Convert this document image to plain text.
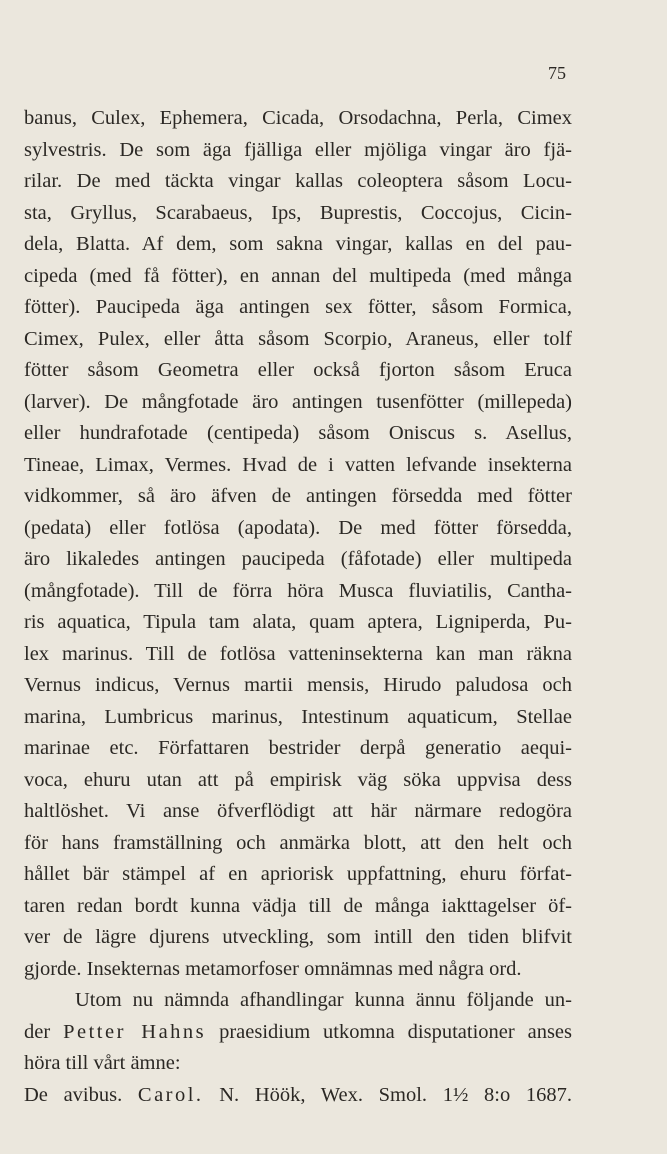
75
banus, Culex, Ephemera, Cicada, Orsodachna, Perla, Cimex
sylvestris. De som äga fjälliga eller mjöliga vingar äro fjä-
rilar. De med täckta vingar kallas coleoptera såsom Locu-
sta, Gryllus, Scarabaeus, Ips, Buprestis, Coccojus, Cicin-
dela, Blatta. Af dem, som sakna vingar, kallas en del pau-
cipeda (med få fötter), en annan del multipeda (med många
fötter). Paucipeda äga antingen sex fötter, såsom Formica,
Cimex, Pulex, eller åtta såsom Scorpio, Araneus, eller tolf
fötter såsom Geometra eller också fjorton såsom Eruca
(larver). De mångfotade äro antingen tusenfötter (millepeda)
eller hundrafotade (centipeda) såsom Oniscus s. Asellus,
Tineae, Limax, Vermes. Hvad de i vatten lefvande insekterna
vidkommer, så äro äfven de antingen försedda med fötter
(pedata) eller fotlösa (apodata). De med fötter försedda,
äro likaledes antingen paucipeda (fåfotade) eller multipeda
(mångfotade). Till de förra höra Musca fluviatilis, Cantha-
ris aquatica, Tipula tam alata, quam aptera, Ligniperda, Pu-
lex marinus. Till de fotlösa vatteninsekterna kan man räkna
Vernus indicus, Vernus martii mensis, Hirudo paludosa och
marina, Lumbricus marinus, Intestinum aquaticum, Stellae
marinae etc. Författaren bestrider derpå generatio aequi-
voca, ehuru utan att på empirisk väg söka uppvisa dess
haltlöshet. Vi anse öfverflödigt att här närmare redogöra
för hans framställning och anmärka blott, att den helt och
hållet bär stämpel af en apriorisk uppfattning, ehuru förfat-
taren redan bordt kunna vädja till de många iakttagelser öf-
ver de lägre djurens utveckling, som intill den tiden blifvit
gjorde. Insekternas metamorfoser omnämnas med några ord.
Utom nu nämnda afhandlingar kunna ännu följande un-
der Petter Hahns praesidium utkomna disputationer anses
höra till vårt ämne:
De avibus. Carol. N. Höök, Wex. Smol. 1½ 8:o 1687.
